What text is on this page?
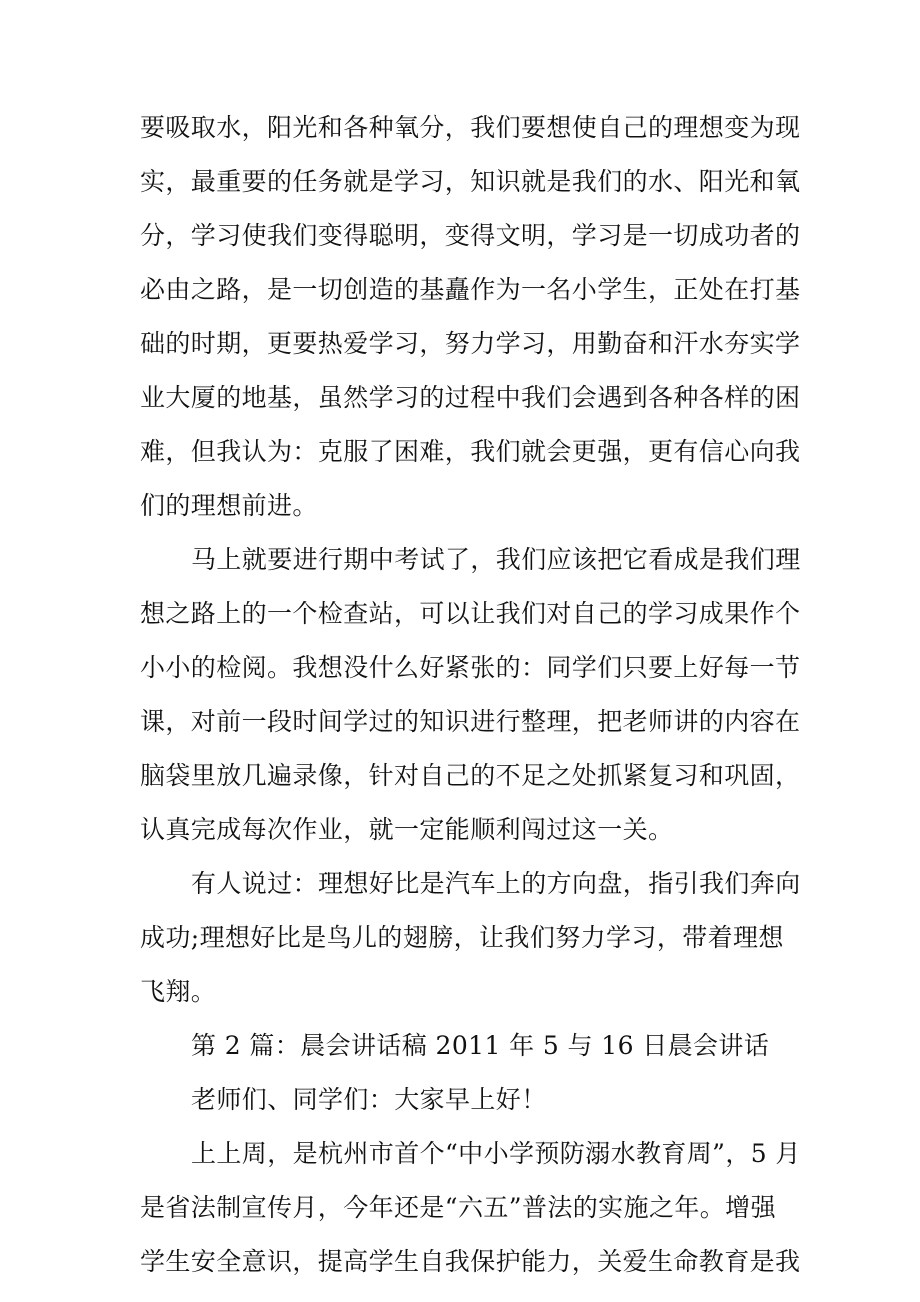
要吸取水，阳光和各种氧分，我们要想使自己的理想变为现
实，最重要的任务就是学习，知识就是我们的水、阳光和氧
分，学习使我们变得聪明，变得文明，学习是一切成功者的
必由之路，是一切创造的基矗作为一名小学生，正处在打基
础的时期，更要热爱学习，努力学习，用勤奋和汗水夯实学
业大厦的地基，虽然学习的过程中我们会遇到各种各样的困
难，但我认为：克服了困难，我们就会更强，更有信心向我
们的理想前进。
马上就要进行期中考试了，我们应该把它看成是我们理
想之路上的一个检查站，可以让我们对自己的学习成果作个
小小的检阅。我想没什么好紧张的：同学们只要上好每一节
课，对前一段时间学过的知识进行整理，把老师讲的内容在
脑袋里放几遍录像，针对自己的不足之处抓紧复习和巩固，
认真完成每次作业，就一定能顺利闯过这一关。
有人说过：理想好比是汽车上的方向盘，指引我们奔向
成功;理想好比是鸟儿的翅膀，让我们努力学习，带着理想
飞翔。
第 2 篇：晨会讲话稿 2011 年 5 与 16 日晨会讲话
老师们、同学们：大家早上好！
上上周，是杭州市首个“中小学预防溺水教育周”，5 月
是省法制宣传月，今年还是“六五”普法的实施之年。增强
学生安全意识，提高学生自我保护能力，关爱生命教育是我
